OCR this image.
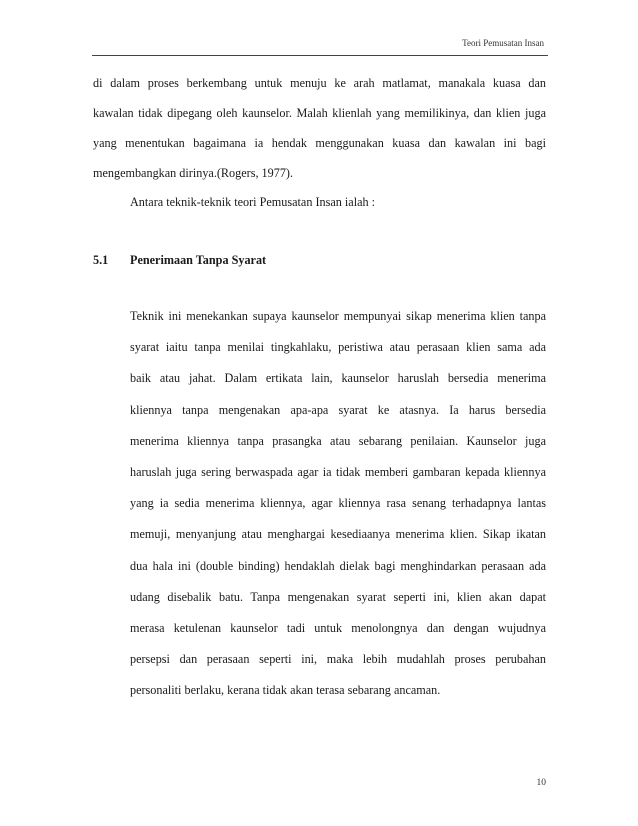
Teori Pemusatan Insan
di dalam proses berkembang untuk menuju ke arah matlamat, manakala kuasa dan
kawalan tidak dipegang oleh kaunselor. Malah klienlah yang memilikinya, dan klien juga
yang menentukan bagaimana ia hendak menggunakan kuasa dan kawalan ini bagi
mengembangkan dirinya.(Rogers, 1977).
Antara teknik-teknik teori Pemusatan Insan ialah :
5.1 Penerimaan Tanpa Syarat
Teknik ini menekankan supaya kaunselor mempunyai sikap menerima klien tanpa
syarat iaitu tanpa menilai tingkahlaku, peristiwa atau perasaan klien sama ada
baik atau jahat. Dalam ertikata lain, kaunselor haruslah bersedia menerima
kliennya tanpa mengenakan apa-apa syarat ke atasnya. Ia harus bersedia
menerima kliennya tanpa prasangka atau sebarang penilaian. Kaunselor juga
haruslah juga sering berwaspada agar ia tidak memberi gambaran kepada kliennya
yang ia sedia menerima kliennya, agar kliennya rasa senang terhadapnya lantas
memuji, menyanjung atau menghargai kesediaanya menerima klien. Sikap ikatan
dua hala ini (double binding) hendaklah dielak bagi menghindarkan perasaan ada
udang disebalik batu. Tanpa mengenakan syarat seperti ini, klien akan dapat
merasa ketulenan kaunselor tadi untuk menolongnya dan dengan wujudnya
persepsi dan perasaan seperti ini, maka lebih mudahlah proses perubahan
personaliti berlaku, kerana tidak akan terasa sebarang ancaman.
10
